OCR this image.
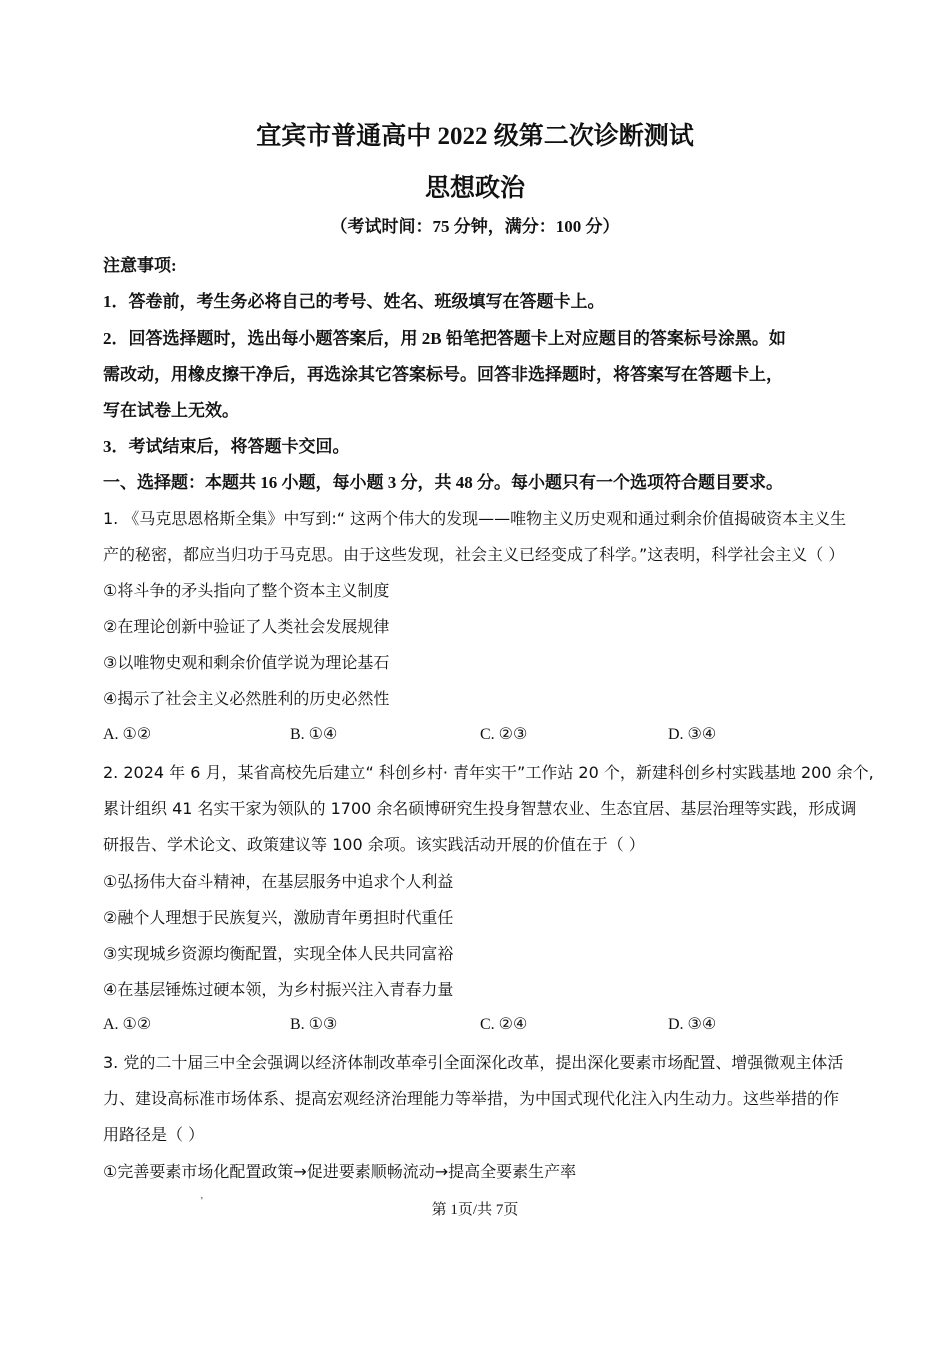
宜宾市普通高中 2022 级第二次诊断测试
思想政治
（考试时间：75 分钟，满分：100 分）
注意事项:
1．答卷前，考生务必将自己的考号、姓名、班级填写在答题卡上。
2．回答选择题时，选出每小题答案后，用 2B 铅笔把答题卡上对应题目的答案标号涂黑。如
需改动，用橡皮擦干净后，再选涂其它答案标号。回答非选择题时，将答案写在答题卡上，
写在试卷上无效。
3．考试结束后，将答题卡交回。
一、选择题：本题共 16 小题，每小题 3 分，共 48 分。每小题只有一个选项符合题目要求。
1. 《马克思恩格斯全集》中写到:“ 这两个伟大的发现——唯物主义历史观和通过剩余价值揭破资本主义生
产的秘密，都应当归功于马克思。由于这些发现，社会主义已经变成了科学。”这表明，科学社会主义（ ）
①将斗争的矛头指向了整个资本主义制度
②在理论创新中验证了人类社会发展规律
③以唯物史观和剩余价值学说为理论基石
④揭示了社会主义必然胜利的历史必然性
A. ①②	B. ①④	C. ②③	D. ③④
2. 2024 年 6 月，某省高校先后建立“ 科创乡村· 青年实干”工作站 20 个，新建科创乡村实践基地 200 余个,
累计组织 41 名实干家为领队的 1700 余名硕博研究生投身智慧农业、生态宜居、基层治理等实践，形成调
研报告、学术论文、政策建议等 100 余项。该实践活动开展的价值在于（ ）
①弘扬伟大奋斗精神，在基层服务中追求个人利益
②融个人理想于民族复兴，激励青年勇担时代重任
③实现城乡资源均衡配置，实现全体人民共同富裕
④在基层锤炼过硬本领，为乡村振兴注入青春力量
A. ①②	B. ①③	C. ②④	D. ③④
3. 党的二十届三中全会强调以经济体制改革牵引全面深化改革，提出深化要素市场配置、增强微观主体活
力、建设高标准市场体系、提高宏观经济治理能力等举措，为中国式现代化注入内生动力。这些举措的作
用路径是（ ）
①完善要素市场化配置政策→促进要素顺畅流动→提高全要素生产率
'
第 1页/共 7页
